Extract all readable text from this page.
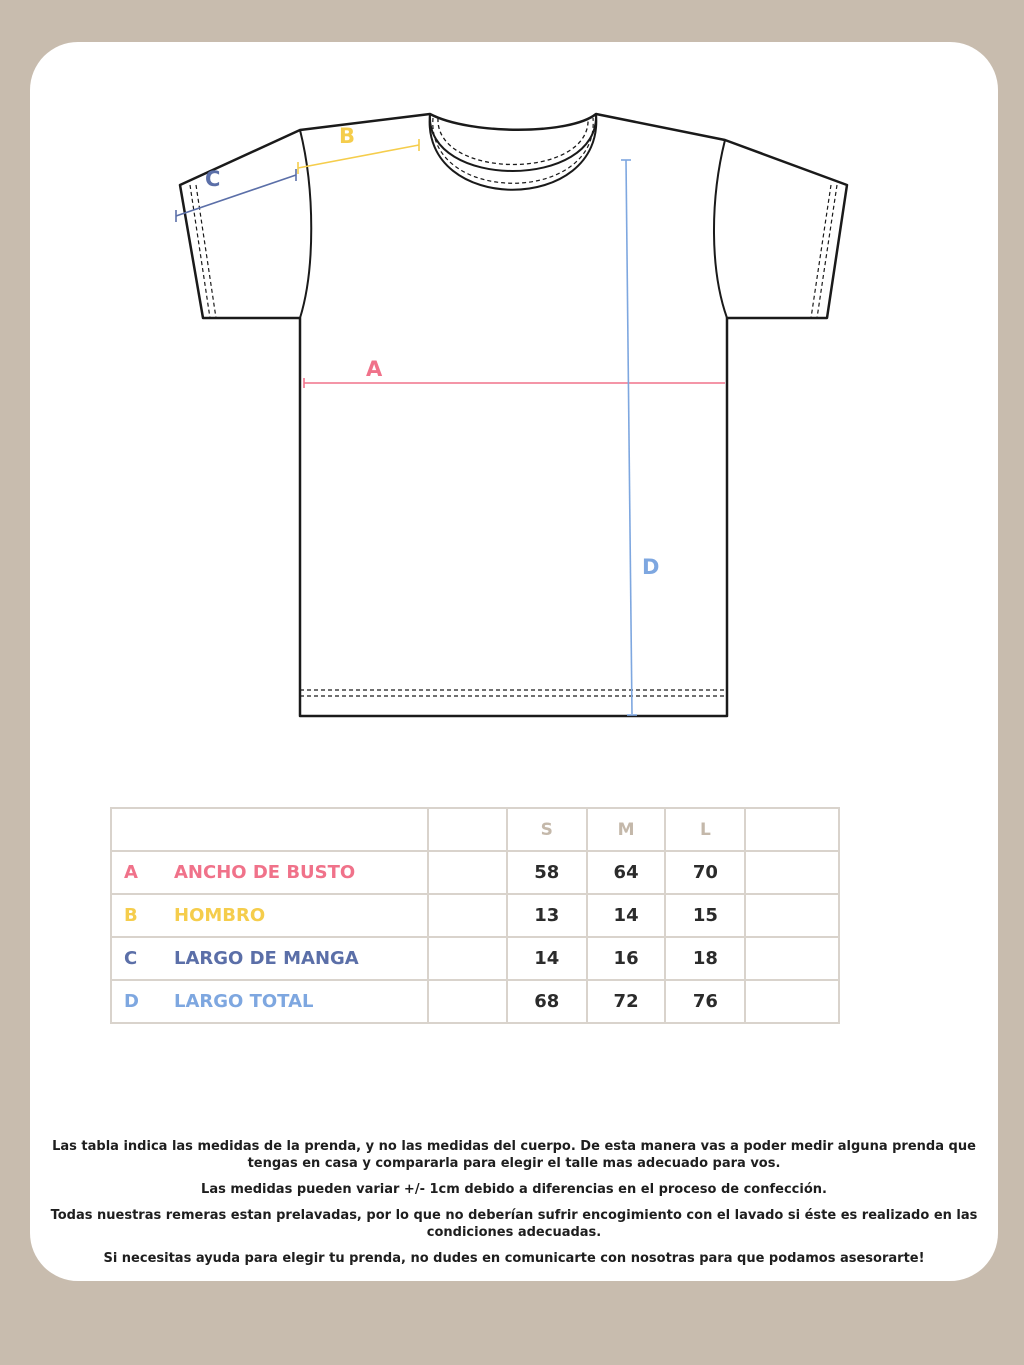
A
B
C
D
		S	M	L	
A ANCHO DE BUSTO		58	64	70	
B HOMBRO		13	14	15	
C LARGO DE MANGA		14	16	18	
D LARGO TOTAL		68	72	76	

Las tabla indica las medidas de la prenda, y no las medidas del cuerpo. De esta manera vas a poder medir alguna prenda que tengas en casa y compararla para elegir el talle mas adecuado para vos.

Las medidas pueden variar +/- 1cm debido a diferencias en el proceso de confección.

Todas nuestras remeras estan prelavadas, por lo que no deberían sufrir encogimiento con el lavado si éste es realizado en las condiciones adecuadas.

Si necesitas ayuda para elegir tu prenda, no dudes en comunicarte con nosotras para que podamos asesorarte!
